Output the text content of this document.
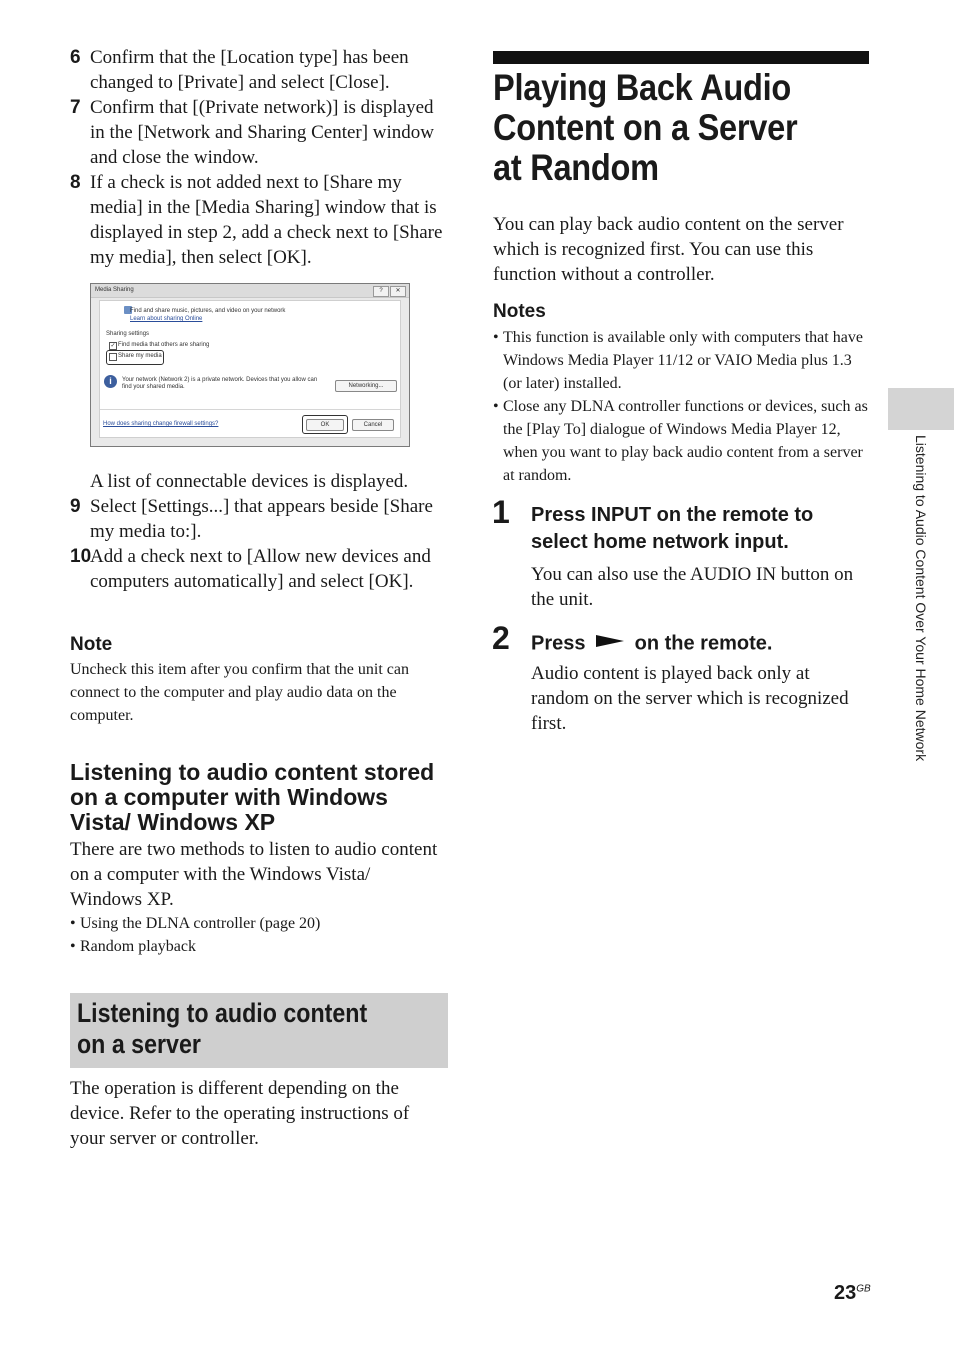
6 Confirm that the [Location type] has been changed to [Private] and select [Close].
7 Confirm that [(Private network)] is displayed in the [Network and Sharing Center] window and close the window.
8 If a check is not added next to [Share my media] in the [Media Sharing] window that is displayed in step 2, add a check next to [Share my media], then select [OK].
Media Sharing	?	✕
Find and share music, pictures, and video on your network
Learn about sharing Online
Sharing settings
✓ Find media that others are sharing
Share my media
i	Your network (Network 2) is a private network. Devices that you allow can find your shared media.	Networking...
How does sharing change firewall settings?	OK	Cancel
A list of connectable devices is displayed.
9 Select [Settings...] that appears beside [Share my media to:].
10
Add a check next to [Allow new devices and computers automatically] and select [OK].
Note
Uncheck this item after you confirm that the unit can connect to the computer and play audio data on the computer.
Listening to audio content stored on a computer with Windows Vista/ Windows XP
There are two methods to listen to audio content on a computer with the Windows Vista/ Windows XP.
• Using the DLNA controller (page 20)
• Random playback
Listening to audio content on a server
The operation is different depending on the device. Refer to the operating instructions of your server or controller.
Playing Back Audio Content on a Server at Random
You can play back audio content on the server which is recognized first. You can use this function without a controller.
Notes
• This function is available only with computers that have Windows Media Player 11/12 or VAIO Media plus 1.3 (or later) installed.
• Close any DLNA controller functions or devices, such as the [Play To] dialogue of Windows Media Player 12, when you want to play back audio content from a server at random.
1 Press INPUT on the remote to select home network input.
You can also use the AUDIO IN button on the unit.
2 Press on the remote.
Audio content is played back only at random on the server which is recognized first.	Listening to Audio Content Over Your Home Network
$23^{GB}$
